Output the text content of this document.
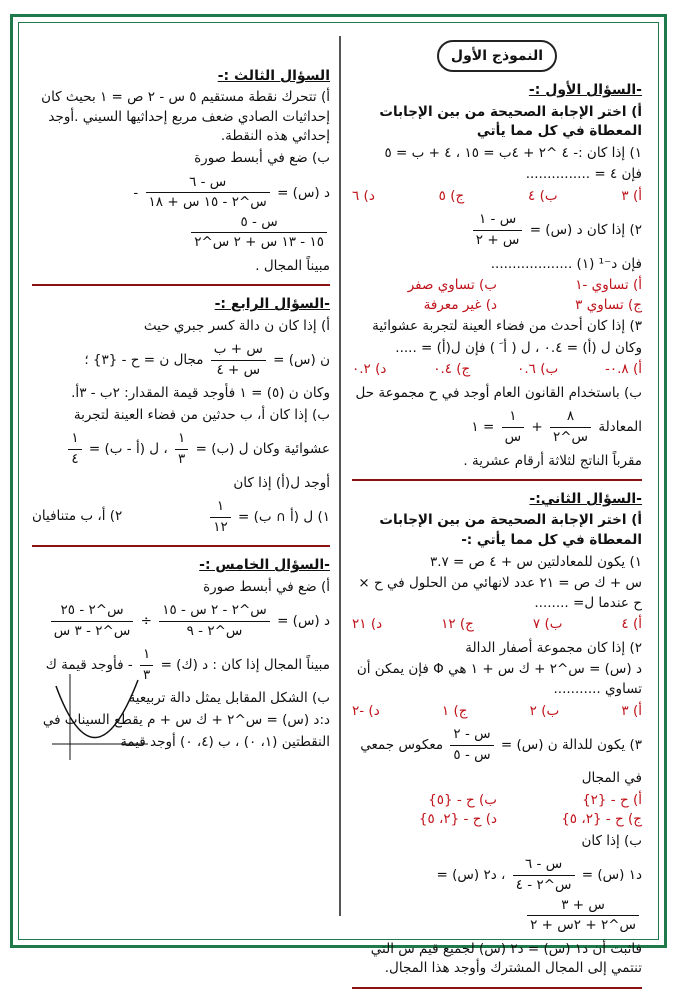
النموذج الأول
-السؤال الأول :-
أ) اختر الإجابة الصحيحة من بين الإجابات المعطاة في كل مما يأتي
١) إذا كان :- ٤ ^٢ + ٤ب = ١٥ ، ٤ + ب = ٥
فإن ٤ = ...............
أ) ٣
ب) ٤
ج) ٥
د) ٦
٢) إذا كان د (س) =
$\frac{\text{س - ١}}{\text{س + ٢}}$
فإن د⁻¹ (١) ...................
أ) تساوي -١
ب) تساوي صفر
ج) تساوي ٣
د) غير معرفة
٣) إذا كان أحدث من فضاء العينة لتجربة عشوائية
وكان ل (أ) = ٠.٤ ، ل ( أ َ ) فإن ل(أ) = .....
أ) ٠.٨-
ب) ٠.٦
ج) ٠.٤
د) ٠.٢
ب) باستخدام القانون العام أوجد في ح مجموعة حل
المعادلة
$\frac{٨}{\text{س\textasciicircum{}٢}}$
+
$\frac{١}{\text{س}}$
= ١
مقرباً الناتج لثلاثة أرقام عشرية .
-السؤال الثاني:-
أ) اختر الإجابة الصحيحة من بين الإجابات المعطاة في كل مما يأتي :-
١) يكون للمعادلتين س + ٤ ص = ٣.٧
س + ك ص = ٢١ عدد لانهائي من الحلول في ح × ح عندما ل= ........
أ) ٤
ب) ٧
ج) ١٢
د) ٢١
٢) إذا كان مجموعة أصفار الدالة
د (س) = س^٢ + ك س + ١ هي Φ فإن يمكن أن تساوي ...........
أ) ٣
ب) ٢
ج) ١
د) -٢
٣) يكون للدالة ن (س) =
$\frac{\text{س - ٢}}{\text{س - ٥}}$
معكوس جمعي
في المجال
أ) ح - {٢}
ب) ح - {٥}
ج) ح - {٢، ٥}
د) ح - {٢، ٥}
ب) إذا كان
د١ (س) =
$\frac{\text{س - ٦}}{\text{س\textasciicircum{}٢ - ٤}}$
، د٢ (س) =
$\frac{\text{س + ٣}}{\text{س\textasciicircum{}٢ + ٢س + ٢}}$
فاثبت أن د١ (س) = د٢ (س) لجميع قيم س التي تنتمي إلى المجال المشترك وأوجد هذا المجال.
السؤال الثالث :-
أ) تتحرك نقطة مستقيم ٥ س - ٢ ص = ١ بحيث كان إحداثيات الصادي ضعف مربع إحداثيها السيني .أوجد إحداثي هذه النقطة.
ب) ضع في أبسط صورة
د (س) =
$\frac{\text{س - ٦}}{\text{س\textasciicircum{}٢ - ١٥ س + ١٨}}$
-
$\frac{\text{س - ٥}}{\text{١٥ - ١٣ س + ٢ س\textasciicircum{}٢}}$
مبيناً المجال .
-السؤال الرابع :-
أ) إذا كان ن دالة كسر جبري حيث
ن (س) =
$\frac{\text{س + ب}}{\text{س + ٤}}$
مجال ن = ح - {٣} ؛
وكان ن (٥) = ١ فأوجد قيمة المقدار: ٢ب - ٣أ.
ب) إذا كان أ، ب حدثين من فضاء العينة لتجربة
عشوائية وكان ل (ب) =
$\frac{١}{٣}$
، ل (أ - ب) =
$\frac{١}{٤}$
أوجد ل(أ) إذا كان
١) ل (أ ∩ ب) =
$\frac{١}{١٢}$
٢) أ، ب متنافيان
-السؤال الخامس :-
أ) ضع في أبسط صورة
د (س) =
$\frac{\text{س\textasciicircum{}٢ - ٢ س - ١٥}}{\text{س\textasciicircum{}٢ - ٩}}$
÷
$\frac{\text{س\textasciicircum{}٢ - ٢٥}}{\text{س\textasciicircum{}٢ - ٣ س}}$
مبيناً المجال إذا كان : د (ك) =
$\frac{١}{٣}$
- فأوجد قيمة ك
ب) الشكل المقابل يمثل دالة تربيعية
د:د (س) = س^٢ + ك س + م يقطع السينات في
النقطتين (١، ٠) ، ب (٤، ٠) أوجد قيمة
